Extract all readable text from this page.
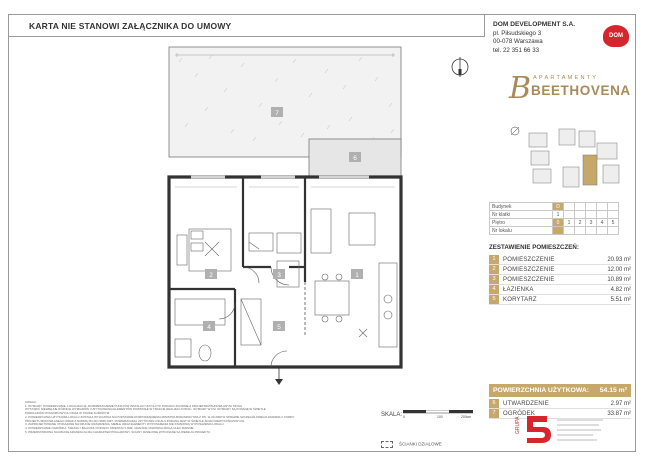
KARTA NIE STANOWI ZAŁĄCZNIKA DO UMOWY
7
6
1
2	3
4	5
UWAGA:
1. WYMIARY, POWIERZCHNIE, LOKALIZACJA, ROZMIESZCZENIE PUNKTÓW INSTALACYJNYCH ITP. PODANO ZGODNIE Z PROJEKTEM BUDOWLANYM. MOGĄ
WYSTĄPIĆ NIEWIELKIE RÓŻNICE WYMIARÓW I USYTUOWANIA ELEMENTÓW POWSTAŁE W TRAKCIE REALIZACJI PRAC. WYMIARY W CM. WYMIARY SĄ PODANE W ŚWIETLE
PODKŁADÓW POSADZKOWYCH ORAZ W STANIE SUROWYM.
2. POWIERZCHNIA UŻYTKOWA LOKALU ZOSTAŁA WYLICZONA NA PODSTAWIE ROZPORZĄDZENIA MINISTRA BUDOWNICTWA Z DN. 11.09.2008 W SPRAWIE SZCZEGÓŁOWEGO ZAKRESU I FORMY
PROJEKTU BUDOWLANEGO WRAZ Z NORMĄ PN-ISO 9836:1997. POWIERZCHNIA UŻYTKOWA LOKALU PODANA JEST W ŚWIETLE ŚCIAN NIEWYKOŃCZONYCH.
3. ZAPROJEKTOWANE I POKAZANE NA RZUCIE URZĄDZENIA, MEBLE ORAZ ELEMENTY WYPOSAŻENIA NIE STANOWIĄ WYPOSAŻENIA LOKALU.
4. POWIERZCHNIE OGRÓDKA, TARASU I BALKONU PODANO ORIENTACYJNIE. GRANICE OGRÓDKA MOGĄ ULEC ZMIANIE.
5. PRZEDSTAWIONA NA RZUCIE ARANŻACJA MA CHARAKTER POGLĄDOWY. ŚCIANY DZIAŁOWE WYKONANE SĄ WEDŁUG PROJEKTU.
SKALA: 0	100	200cm
ŚCIANKI DZIAŁOWE
DOM DEVELOPMENT S.A.
pl. Piłsudskiego 3
00-078 Warszawa
tel. 22 351 66 33
DOM
B APARTAMENTY
BEETHOVENA
Budynek	D					
Nr klatki	1					
Piętro	0	1	2	3	4	5
Nr lokalu						
ZESTAWIENIE POMIESZCZEŃ:
1	POMIESZCZENIE	20.93 m²
2	POMIESZCZENIE	12.00 m²
3	POMIESZCZENIE	10.89 m²
4	ŁAZIENKA	4.82 m²
5	KORYTARZ	5.51 m²
POWIERZCHNIA UŻYTKOWA: 54.15 m²
6	UTWARDZENIE	2.97 m²
7	OGRÓDEK	33.87 m²
GRUPA
